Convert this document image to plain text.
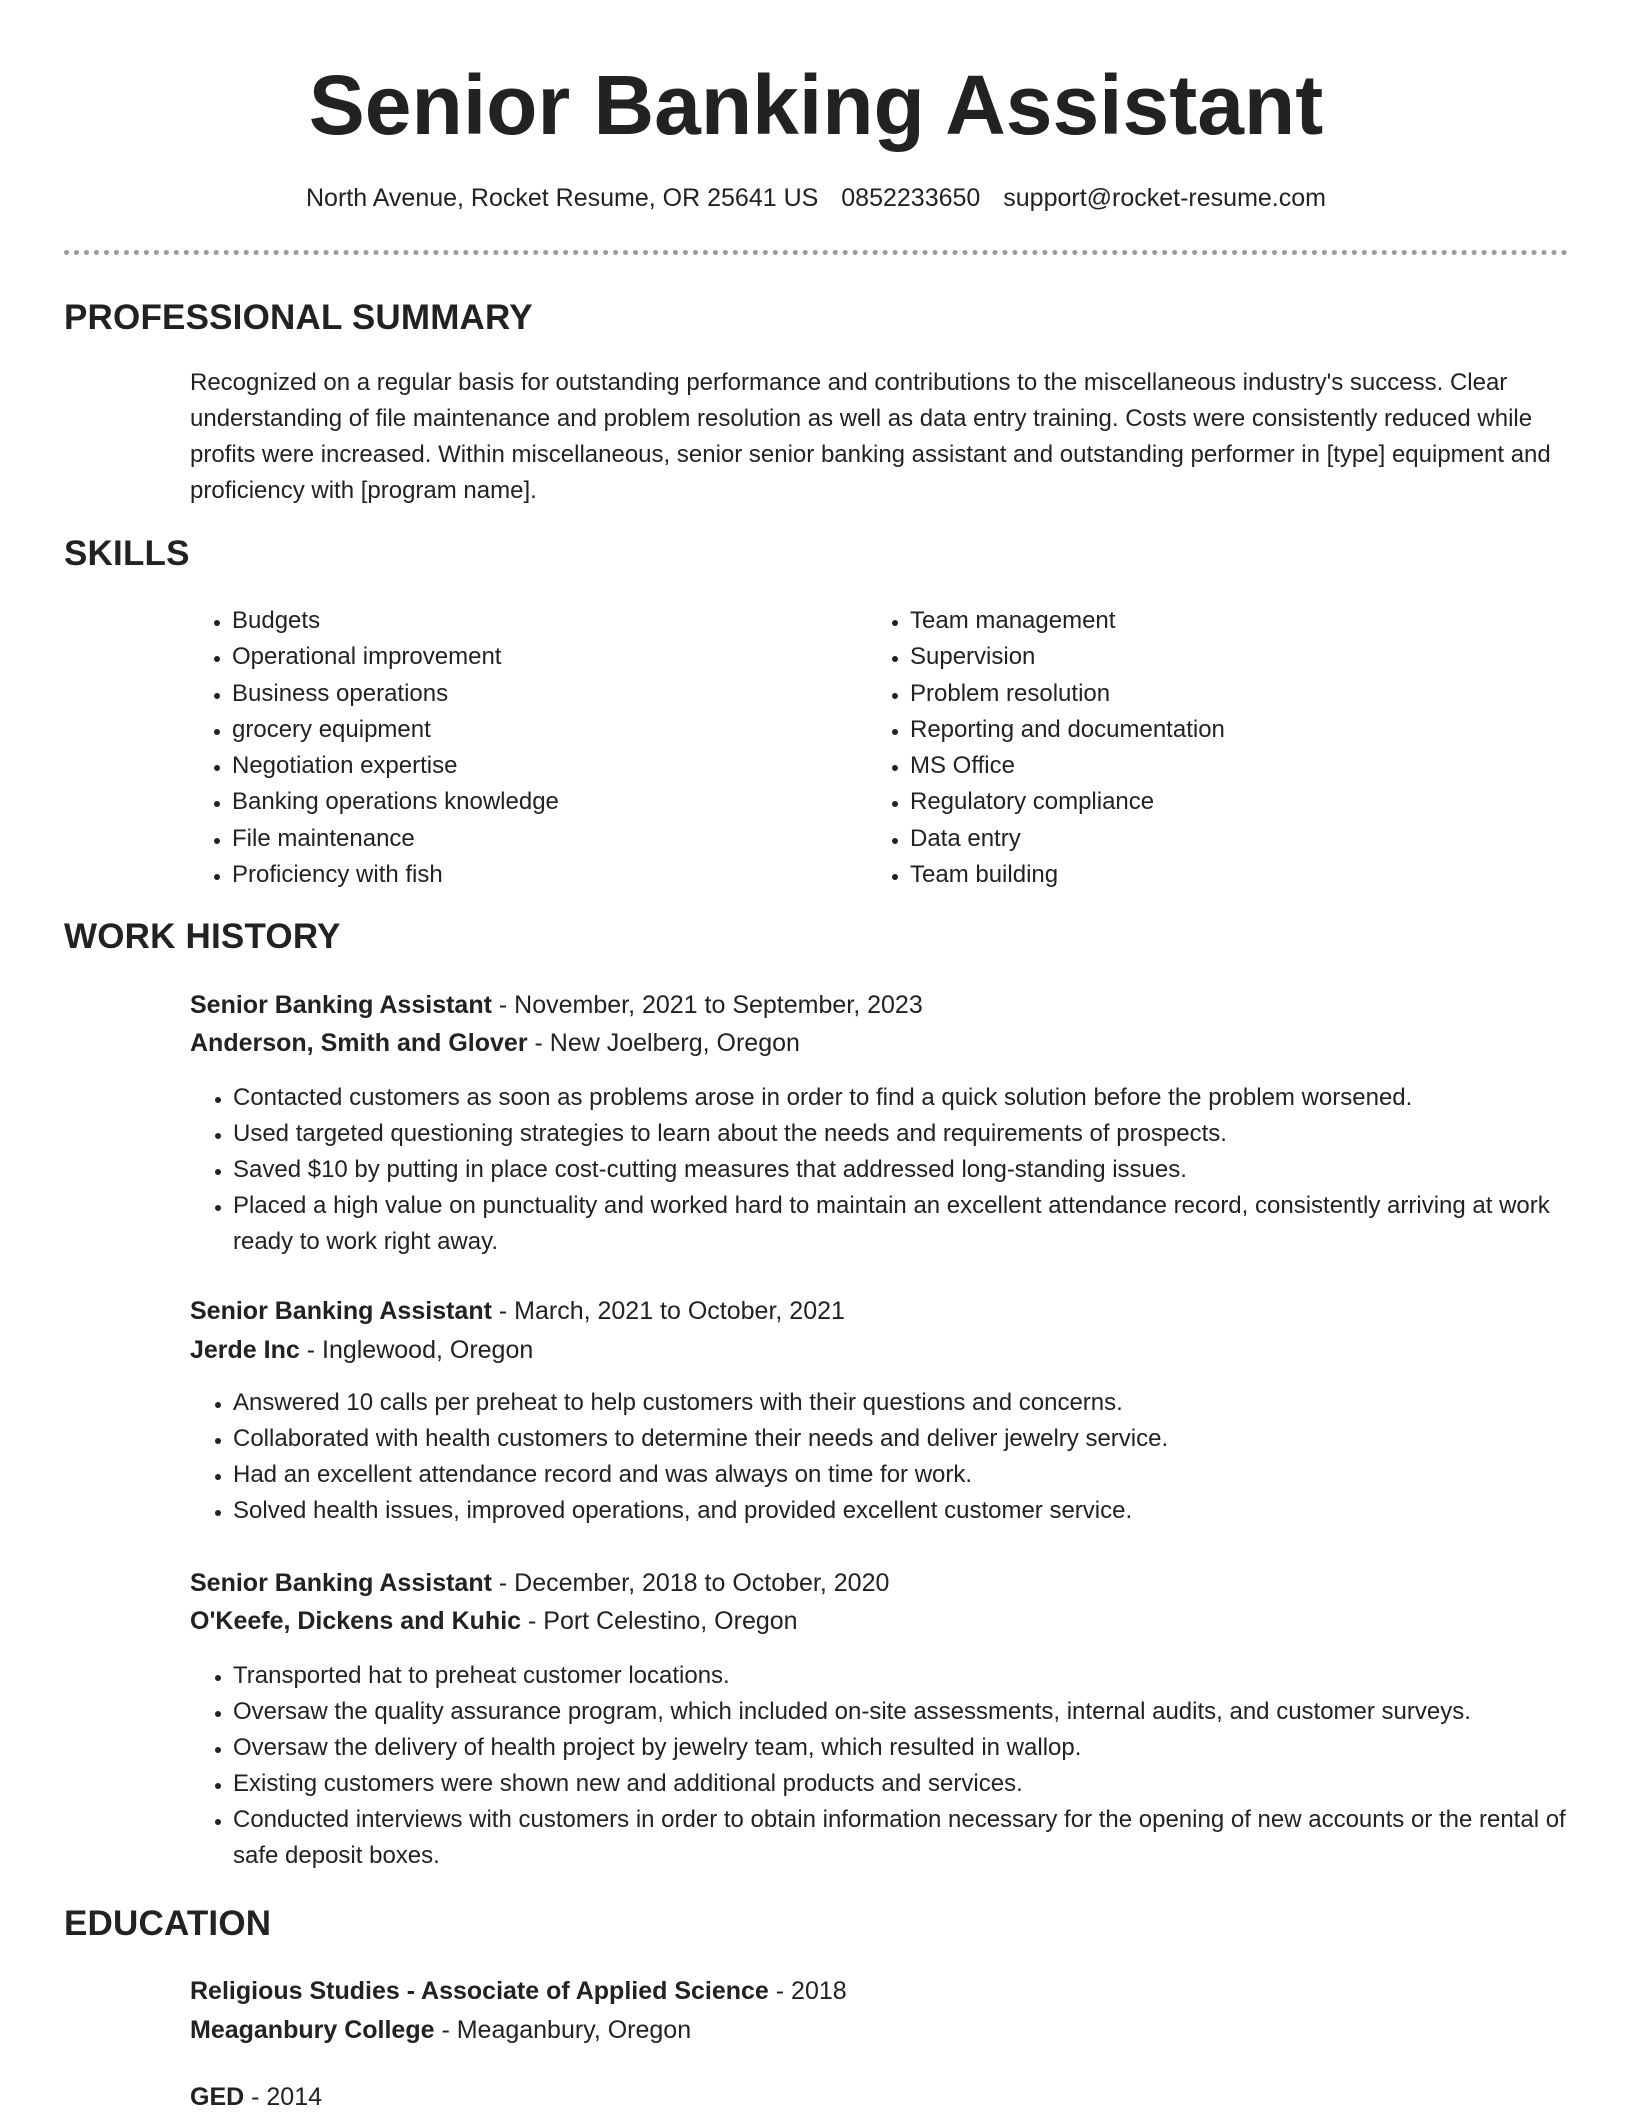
Senior Banking Assistant
North Avenue, Rocket Resume, OR 25641 US 0852233650 support@rocket-resume.com
PROFESSIONAL SUMMARY

Recognized on a regular basis for outstanding performance and contributions to the miscellaneous industry's success. Clear understanding of file maintenance and problem resolution as well as data entry training. Costs were consistently reduced while profits were increased. Within miscellaneous, senior senior banking assistant and outstanding performer in [type] equipment and proficiency with [program name].

SKILLS
• Budgets
• Operational improvement
• Business operations
• grocery equipment
• Negotiation expertise
• Banking operations knowledge
• File maintenance
• Proficiency with fish
• Team management
• Supervision
• Problem resolution
• Reporting and documentation
• MS Office
• Regulatory compliance
• Data entry
• Team building
WORK HISTORY
Senior Banking Assistant - November, 2021 to September, 2023
Anderson, Smith and Glover - New Joelberg, Oregon
• Contacted customers as soon as problems arose in order to find a quick solution before the problem worsened.
• Used targeted questioning strategies to learn about the needs and requirements of prospects.
• Saved $10 by putting in place cost-cutting measures that addressed long-standing issues.
• Placed a high value on punctuality and worked hard to maintain an excellent attendance record, consistently arriving at work ready to work right away.
Senior Banking Assistant - March, 2021 to October, 2021
Jerde Inc - Inglewood, Oregon
• Answered 10 calls per preheat to help customers with their questions and concerns.
• Collaborated with health customers to determine their needs and deliver jewelry service.
• Had an excellent attendance record and was always on time for work.
• Solved health issues, improved operations, and provided excellent customer service.
Senior Banking Assistant - December, 2018 to October, 2020
O'Keefe, Dickens and Kuhic - Port Celestino, Oregon
• Transported hat to preheat customer locations.
• Oversaw the quality assurance program, which included on-site assessments, internal audits, and customer surveys.
• Oversaw the delivery of health project by jewelry team, which resulted in wallop.
• Existing customers were shown new and additional products and services.
• Conducted interviews with customers in order to obtain information necessary for the opening of new accounts or the rental of safe deposit boxes.
EDUCATION
Religious Studies - Associate of Applied Science - 2018
Meaganbury College - Meaganbury, Oregon
GED - 2014
